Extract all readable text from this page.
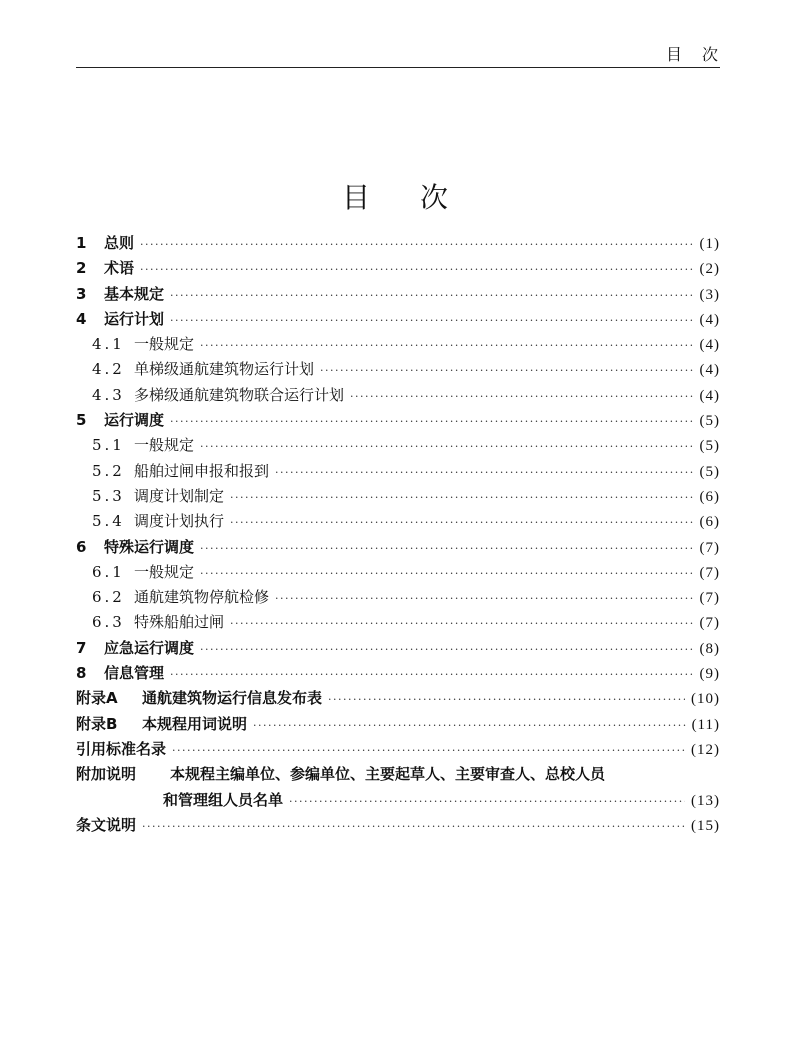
目次
目次
1	总则 ·····	(1)
2	术语 ·····	(2)
3	基本规定 ·····	(3)
4	运行计划 ·····	(4)
4.1 一般规定 ·····	(4)
4.2 单梯级通航建筑物运行计划 ·····	(4)
4.3 多梯级通航建筑物联合运行计划 ·····	(4)
5	运行调度 ·····	(5)
5.1 一般规定 ·····	(5)
5.2 船舶过闸申报和报到 ·····	(5)
5.3 调度计划制定 ·····	(6)
5.4 调度计划执行 ·····	(6)
6	特殊运行调度 ·····	(7)
6.1 一般规定 ·····	(7)
6.2 通航建筑物停航检修 ·····	(7)
6.3 特殊船舶过闸 ·····	(7)
7	应急运行调度 ·····	(8)
8	信息管理 ·····	(9)
附录A	通航建筑物运行信息发布表 ·····	(10)
附录B	本规程用词说明 ·····	(11)
引用标准名录 ·····	(12)
附加说明 本规程主编单位、参编单位、主要起草人、主要审查人、总校人员
和管理组人员名单 ·····	(13)
条文说明 ·····	(15)
